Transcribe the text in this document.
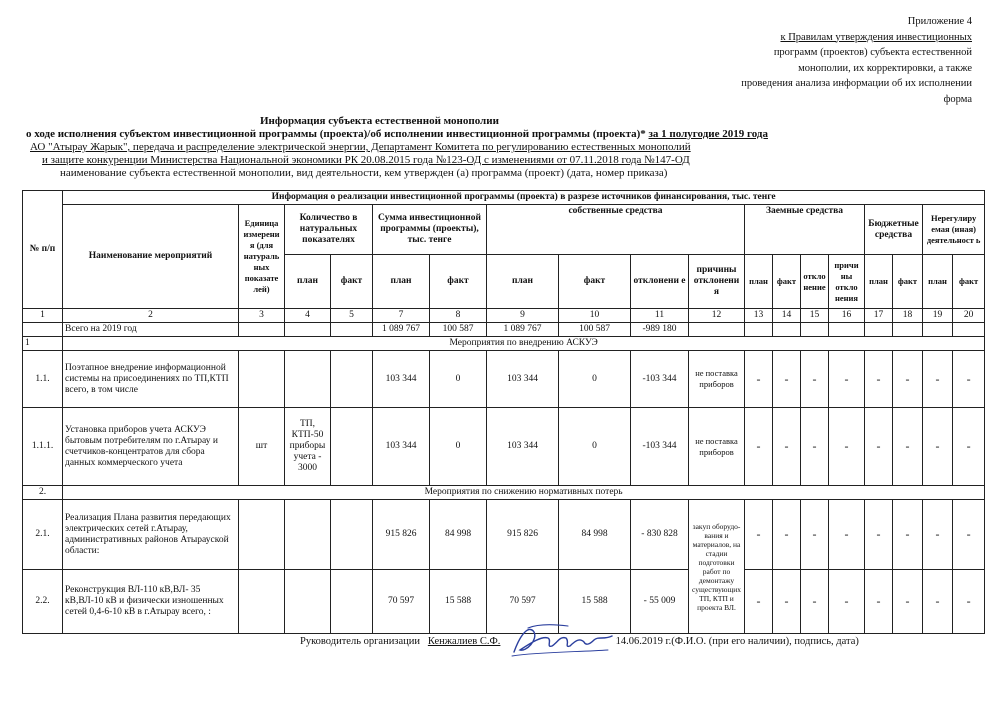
Приложение 4
к Правилам утверждения инвестиционных
программ (проектов) субъекта естественной
монополии, их корректировки, а также
проведения анализа информации об их исполнении
форма
Информация субъекта естественной монополии
о ходе исполнения субъектом инвестиционной программы (проекта)/об исполнении инвестиционной программы (проекта)* за 1 полугодие 2019 года
АО "Атырау Жарык", передача и распределение электрической энергии, Департамент Комитета по регулированию естественных монополий
и защите конкуренции Министерства Национальной экономики РК 20.08.2015 года №123-ОД с изменениями от 07.11.2018 года №147-ОД
наименование субъекта естественной монополии, вид деятельности, кем утвержден (а) программа (проект) (дата, номер приказа)
№ п/п	Информация о реализации инвестиционной программы (проекта) в разрезе источников финансирования, тыс. тенге																	
	Наименование мероприятий	Единица измерени я (для натураль ных показате лей)	Количество в натуральных показателях		Сумма инвестиционной программы (проекты), тыс. тенге		собственные средства				Заемные средства				Бюджетные средства		Нерегулиру емая (иная) деятельност ь	
			план	факт	план	факт	план	факт	отклонени е	причины отклонени я	план	факт	откло нение	причи ны откло нения	план	факт	план	факт
1	2	3	4	5	7	8	9	10	11	12	13	14	15	16	17	18	19	20
	Всего на 2019 год				1 089 767	100 587	1 089 767	100 587	-989 180									
1	Мероприятия по внедрению АСКУЭ																	
1.1.	Поэтапное внедрение информационной системы на присоединениях по ТП,КТП всего, в том числе				103 344	0	103 344	0	-103 344	не поставка приборов	-	-	-	-	-	-	-	-
1.1.1.	Установка приборов учета АСКУЭ бытовым потребителям по г.Атырау и счетчиков-концентратов для сбора данных коммерческого учета	шт	ТП, КТП-50 приборы учета - 3000		103 344	0	103 344	0	-103 344	не поставка приборов	-	-	-	-	-	-	-	-
2.	Мероприятия по снижению нормативных потерь																	
2.1.	Реализация Плана развития передающих электрических сетей г.Атырау, административных районов Атырауской области:				915 826	84 998	915 826	84 998	- 830 828	закуп оборудо-вания и материалов, на стадии подготовки работ по демонтажу существующих ТП, КТП и проекта ВЛ.	-	-	-	-	-	-	-	-
2.2.	Реконструкция ВЛ-110 кВ,ВЛ- 35 кВ,ВЛ-10 кВ и физически изношенных сетей 0,4-6-10 кВ в г.Атырау всего, :				70 597	15 588	70 597	15 588	- 55 009		-	-	-	-	-	-	-	-
Руководитель организации Кенжалиев С.Ф.	14.06.2019 г.(Ф.И.О. (при его наличии), подпись, дата)
